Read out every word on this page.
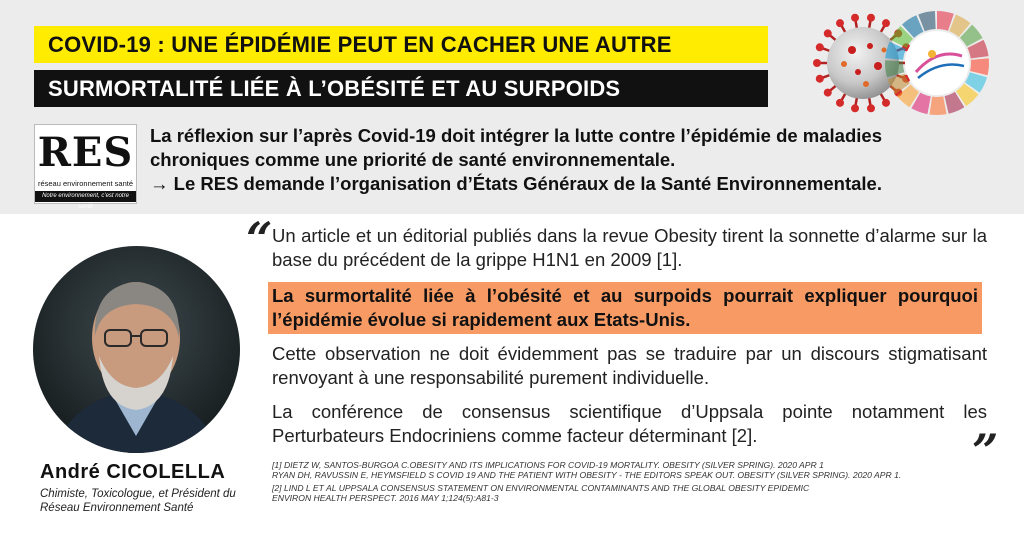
COVID-19 : UNE ÉPIDÉMIE PEUT EN CACHER UNE AUTRE
SURMORTALITÉ LIÉE À L’OBÉSITÉ ET AU SURPOIDS
RES
réseau environnement santé
Notre environnement, c'est notre santé
La réflexion sur l’après Covid-19 doit intégrer la lutte contre l’épidémie de maladies
chroniques comme une priorité de santé environnementale.
→ Le RES demande l’organisation d’États Généraux de la Santé Environnementale.
André CICOLELLA
Chimiste, Toxicologue, et Président du Réseau Environnement Santé
“ Un article et un éditorial publiés dans la revue Obesity tirent la sonnette d’alarme sur la base du précédent de la grippe H1N1 en 2009 [1].
La surmortalité liée à l’obésité et au surpoids pourrait expliquer pourquoi l’épidémie évolue si rapidement aux Etats-Unis.
Cette observation ne doit évidemment pas se traduire par un discours stigmatisant renvoyant à une responsabilité purement individuelle.
La conférence de consensus scientifique d’Uppsala pointe notamment les Perturbateurs Endocriniens comme facteur déterminant [2].	”
[1] DIETZ W, SANTOS-BURGOA C.OBESITY AND ITS IMPLICATIONS FOR COVID-19 MORTALITY. OBESITY (SILVER SPRING). 2020 APR 1
RYAN DH, RAVUSSIN E, HEYMSFIELD S COVID 19 AND THE PATIENT WITH OBESITY - THE EDITORS SPEAK OUT. OBESITY (SILVER SPRING). 2020 APR 1.
[2] LIND L ET AL UPPSALA CONSENSUS STATEMENT ON ENVIRONMENTAL CONTAMINANTS AND THE GLOBAL OBESITY EPIDEMIC
ENVIRON HEALTH PERSPECT. 2016 MAY 1;124(5):A81-3
